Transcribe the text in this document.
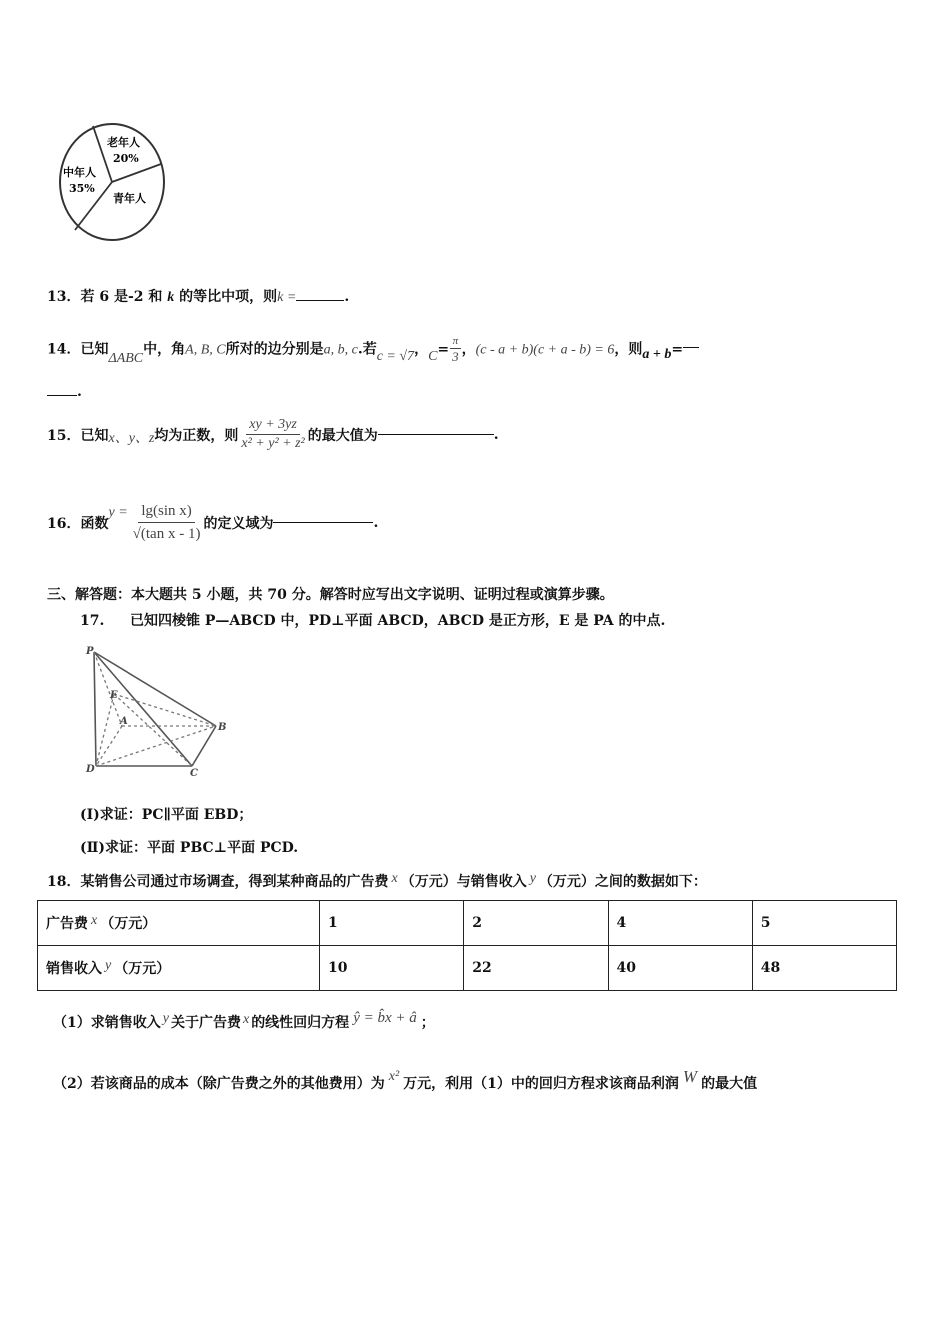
老年人
20%
中年人
35%
青年人
13．若 6 是-2 和 k 的等比中项，则k =	.
14．已知ΔABC中，角A, B, C所对的边分别是a, b, c.若c = √7，$C= \frac{\pi}{3}$ ，(c - a + b)(c + a - b) = 6，则a + b=
.
15． 已知 x、y、z 均为正数，则 $\frac{xy + 3yz}{\text{x² + y² + z²}}$ 的最大值为	.
16． 函数
$y = \frac{\text{lg(sin x)}}{\text{√(tan x - 1)}}$ 的定义域为	.
三、解答题：本大题共 5 小题，共 70 分。解答时应写出文字说明、证明过程或演算步骤。
17. 已知四棱锥 P—ABCD 中，PD⊥平面 ABCD，ABCD 是正方形，E 是 PA 的中点.
P
E
A
B
C
D
(Ⅰ)求证：PC∥平面 EBD；
(Ⅱ)求证：平面 PBC⊥平面 PCD.
18．某销售公司通过市场调查，得到某种商品的广告费 x （万元）与销售收入 y （万元）之间的数据如下：
广告费 x （万元）	1	2	4	5
销售收入 y （万元）	10	22	40	48
（1）求销售收入 y 关于广告费 x 的线性回归方程 ŷ = b̂x + â ；
（2）若该商品的成本（除广告费之外的其他费用）为 x² 万元，利用（1）中的回归方程求该商品利润 W 的最大值
